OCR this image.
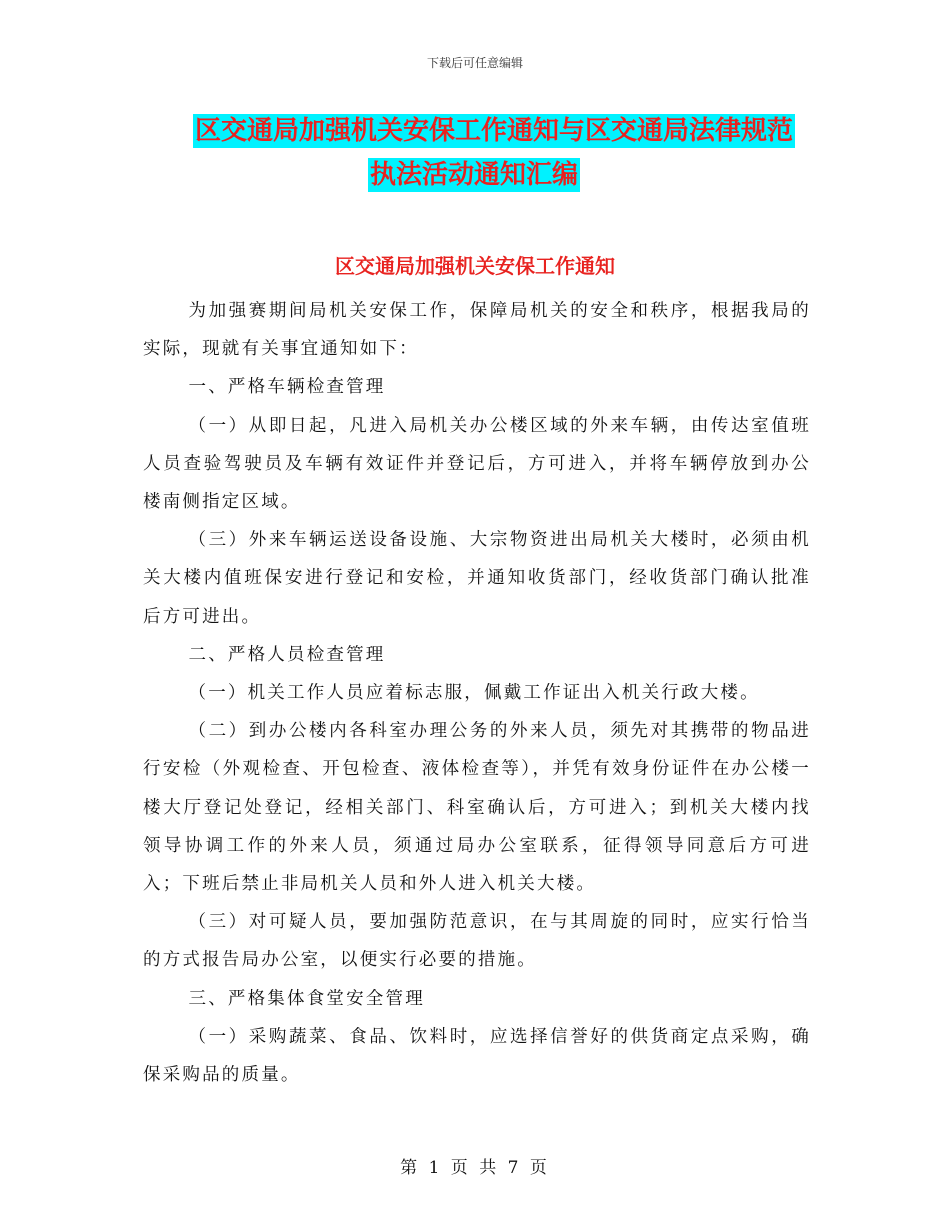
下载后可任意编辑
区交通局加强机关安保工作通知与区交通局法律规范
执法活动通知汇编
区交通局加强机关安保工作通知

为加强赛期间局机关安保工作，保障局机关的安全和秩序，根据我局的实际，现就有关事宜通知如下：

一、严格车辆检查管理

（一）从即日起，凡进入局机关办公楼区域的外来车辆，由传达室值班人员查验驾驶员及车辆有效证件并登记后，方可进入，并将车辆停放到办公楼南侧指定区域。

（三）外来车辆运送设备设施、大宗物资进出局机关大楼时，必须由机关大楼内值班保安进行登记和安检，并通知收货部门，经收货部门确认批准后方可进出。

二、严格人员检查管理

（一）机关工作人员应着标志服，佩戴工作证出入机关行政大楼。

（二）到办公楼内各科室办理公务的外来人员，须先对其携带的物品进行安检（外观检查、开包检查、液体检查等），并凭有效身份证件在办公楼一楼大厅登记处登记，经相关部门、科室确认后，方可进入；到机关大楼内找领导协调工作的外来人员，须通过局办公室联系，征得领导同意后方可进入；下班后禁止非局机关人员和外人进入机关大楼。

（三）对可疑人员，要加强防范意识，在与其周旋的同时，应实行恰当的方式报告局办公室，以便实行必要的措施。

三、严格集体食堂安全管理

（一）采购蔬菜、食品、饮料时，应选择信誉好的供货商定点采购，确保采购品的质量。

第 1 页 共 7 页
